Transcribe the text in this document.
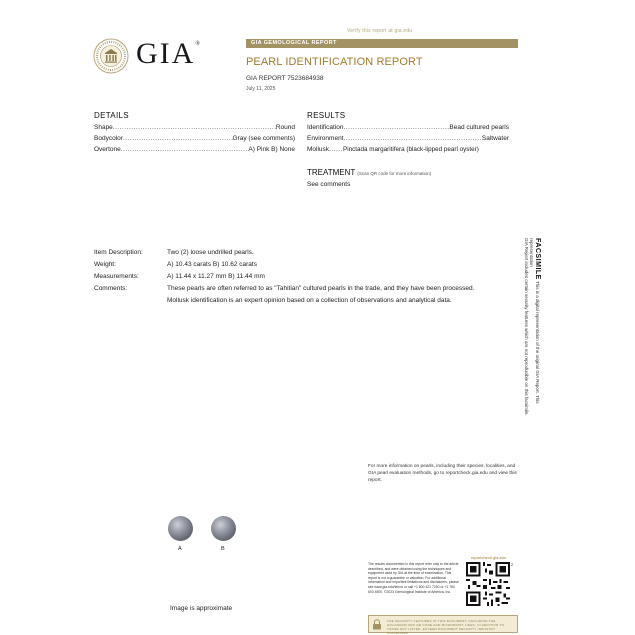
Verify this report at gia.edu
GIA®	GIA GEMOLOGICAL REPORT
PEARL IDENTIFICATION REPORT
GIA REPORT 7523684938
July 11, 2025
DETAILS
Shape .....	Round
Bodycolor .....	Gray (see comments)
Overtone .....	A) Pink B) None
RESULTS
Identification .....	Bead cultured pearls
Environment .....	Saltwater
Mollusk ..... Pinctada margaritifera (black-lipped pearl oyster)
TREATMENT (Scan QR code for more information)
See comments
Item Description:	Two (2) loose undrilled pearls.
Weight:	A) 10.43 carats B) 10.62 carats
Measurements:	A) 11.44 x 11.27 mm B) 11.44 mm
Comments:	These pearls are often referred to as "Tahitian" cultured pearls in the trade, and they have been processed.
Mollusk identification is an expert opinion based on a collection of observations and analytical data.
FACSIMILE This is a digital representation of the original GIA Report. This representation
GIA Report includes certain security features which are not reproducible on this facsimile.
For more information on pearls, including their species, localities, and GIA pearl evaluation methods, go to reportcheck.gia.edu and view this report.
A	B
Image is approximate
reportcheck.gia.edu
The results documented in this report refer only to the article described, and were obtained using the techniques and equipment used by GIA at the time of examination. This report is not a guarantee or valuation. For additional information and important limitations and disclaimers, please see www.gia.edu/terms or call +1 800 421 7250 or +1 760 603 4500. ©2023 Gemological Institute of America, Inc.
2
THE SECURITY FEATURES IN THIS DOCUMENT, INCLUDING THE HOLOGRAM AND QR CODE AND MICROPRINT LINES, IN ADDITION TO THOSE NOT LISTED, EXCEED DOCUMENT SECURITY INDUSTRY GUIDELINES.
